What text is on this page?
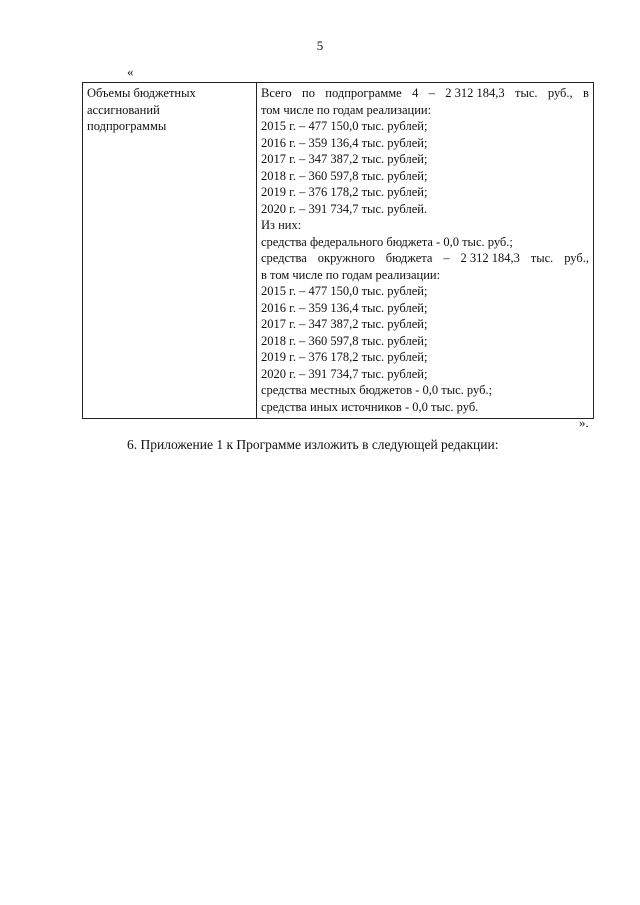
5
«
Объемы бюджетных
ассигнований
подпрограммы

Всего по подпрограмме 4 – 2 312 184,3 тыс. руб., в
том числе по годам реализации:
2015 г. – 477 150,0 тыс. рублей;
2016 г. – 359 136,4 тыс. рублей;
2017 г. – 347 387,2 тыс. рублей;
2018 г. – 360 597,8 тыс. рублей;
2019 г. – 376 178,2 тыс. рублей;
2020 г. – 391 734,7 тыс. рублей.
Из них:
средства федерального бюджета - 0,0 тыс. руб.;
средства окружного бюджета – 2 312 184,3 тыс. руб.,
в том числе по годам реализации:
2015 г. – 477 150,0 тыс. рублей;
2016 г. – 359 136,4 тыс. рублей;
2017 г. – 347 387,2 тыс. рублей;
2018 г. – 360 597,8 тыс. рублей;
2019 г. – 376 178,2 тыс. рублей;
2020 г. – 391 734,7 тыс. рублей;
средства местных бюджетов - 0,0 тыс. руб.;
средства иных источников - 0,0 тыс. руб.
».
6. Приложение 1 к Программе изложить в следующей редакции:
